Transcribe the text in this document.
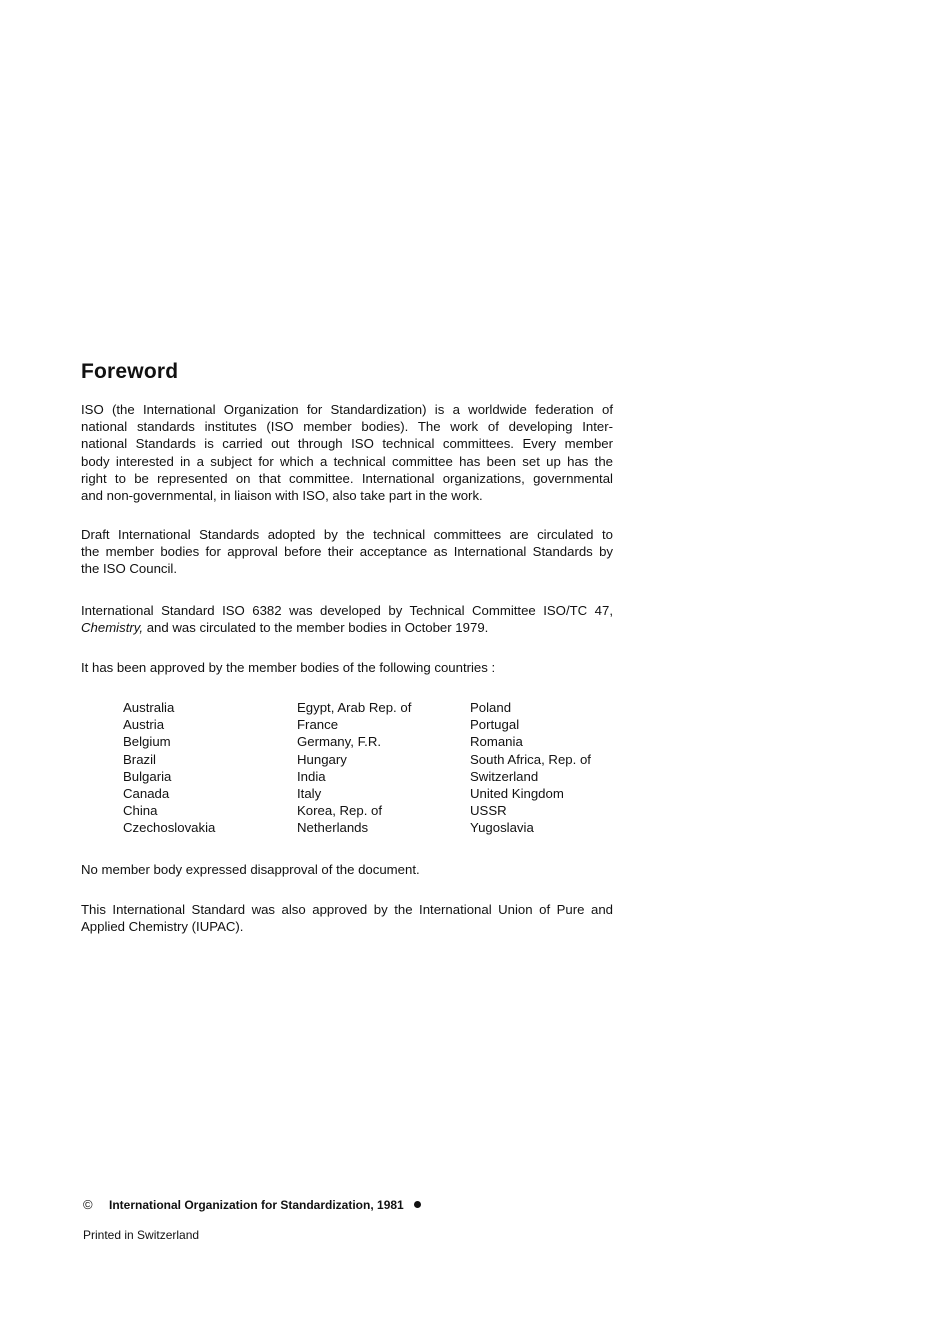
Foreword
ISO (the International Organization for Standardization) is a worldwide federation of
national standards institutes (ISO member bodies). The work of developing Inter-
national Standards is carried out through ISO technical committees. Every member
body interested in a subject for which a technical committee has been set up has the
right to be represented on that committee. International organizations, governmental
and non-governmental, in liaison with ISO, also take part in the work.
Draft International Standards adopted by the technical committees are circulated to
the member bodies for approval before their acceptance as International Standards by
the ISO Council.
International Standard ISO 6382 was developed by Technical Committee ISO/TC 47,
Chemistry, and was circulated to the member bodies in October 1979.
It has been approved by the member bodies of the following countries :
Australia
Austria
Belgium
Brazil
Bulgaria
Canada
China
Czechoslovakia
Egypt, Arab Rep. of
France
Germany, F.R.
Hungary
India
Italy
Korea, Rep. of
Netherlands
Poland
Portugal
Romania
South Africa, Rep. of
Switzerland
United Kingdom
USSR
Yugoslavia
No member body expressed disapproval of the document.
This International Standard was also approved by the International Union of Pure and
Applied Chemistry (IUPAC).
© International Organization for Standardization, 1981
Printed in Switzerland
